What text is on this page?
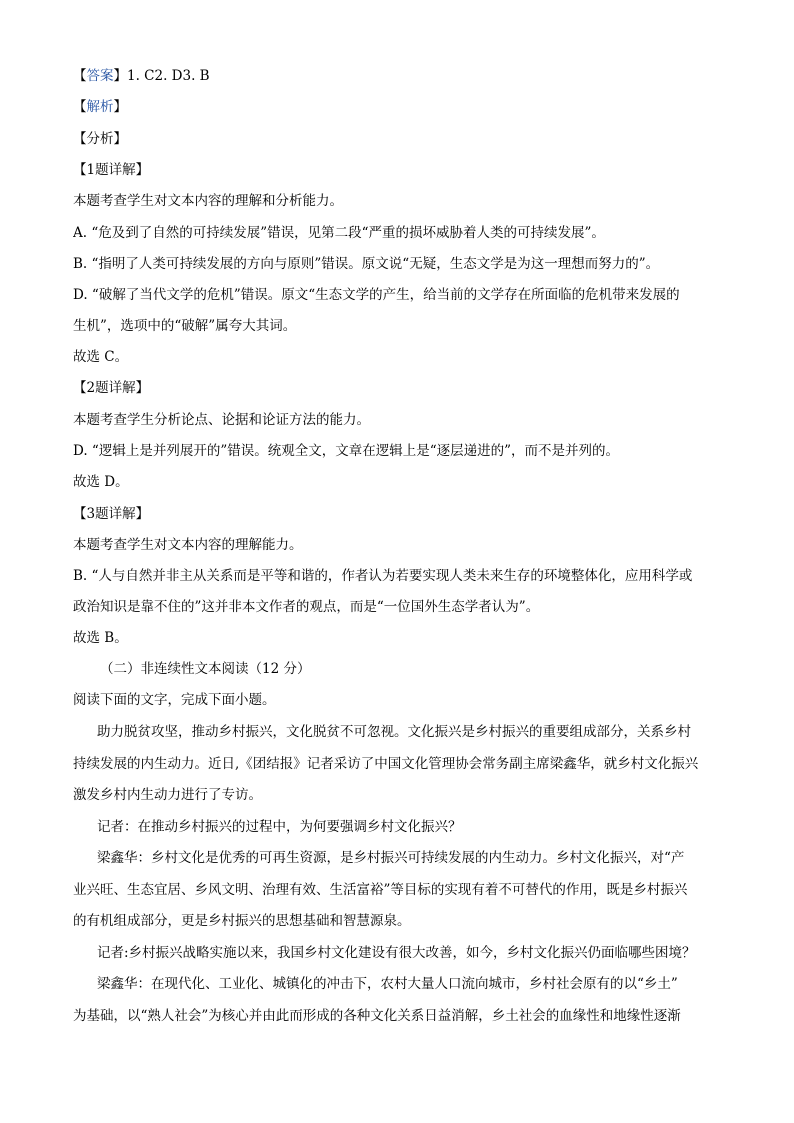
【答案】1. C2. D3. B
【解析】
【分析】
【1题详解】
本题考查学生对文本内容的理解和分析能力。
A. “危及到了自然的可持续发展”错误，见第二段“严重的损坏威胁着人类的可持续发展”。
B. “指明了人类可持续发展的方向与原则”错误。原文说“无疑，生态文学是为这一理想而努力的”。
D. “破解了当代文学的危机”错误。原文“生态文学的产生，给当前的文学存在所面临的危机带来发展的
生机”，选项中的“破解”属夸大其词。
故选 C。
【2题详解】
本题考查学生分析论点、论据和论证方法的能力。
D. “逻辑上是并列展开的”错误。统观全文，文章在逻辑上是“逐层递进的”，而不是并列的。
故选 D。
【3题详解】
本题考查学生对文本内容的理解能力。
B. “人与自然并非主从关系而是平等和谐的，作者认为若要实现人类未来生存的环境整体化，应用科学或
政治知识是靠不住的”这并非本文作者的观点，而是“一位国外生态学者认为”。
故选 B。
（二）非连续性文本阅读（12 分）
阅读下面的文字，完成下面小题。
助力脱贫攻坚，推动乡村振兴，文化脱贫不可忽视。文化振兴是乡村振兴的重要组成部分，关系乡村
持续发展的内生动力。近日,《团结报》记者采访了中国文化管理协会常务副主席梁鑫华，就乡村文化振兴
激发乡村内生动力进行了专访。
记者：在推动乡村振兴的过程中，为何要强调乡村文化振兴？
梁鑫华：乡村文化是优秀的可再生资源，是乡村振兴可持续发展的内生动力。乡村文化振兴，对“产
业兴旺、生态宜居、乡风文明、治理有效、生活富裕”等目标的实现有着不可替代的作用，既是乡村振兴
的有机组成部分，更是乡村振兴的思想基础和智慧源泉。
记者:乡村振兴战略实施以来，我国乡村文化建设有很大改善，如今，乡村文化振兴仍面临哪些困境？
梁鑫华：在现代化、工业化、城镇化的冲击下，农村大量人口流向城市，乡村社会原有的以“乡土”
为基础，以“熟人社会”为核心并由此而形成的各种文化关系日益消解，乡土社会的血缘性和地缘性逐渐
